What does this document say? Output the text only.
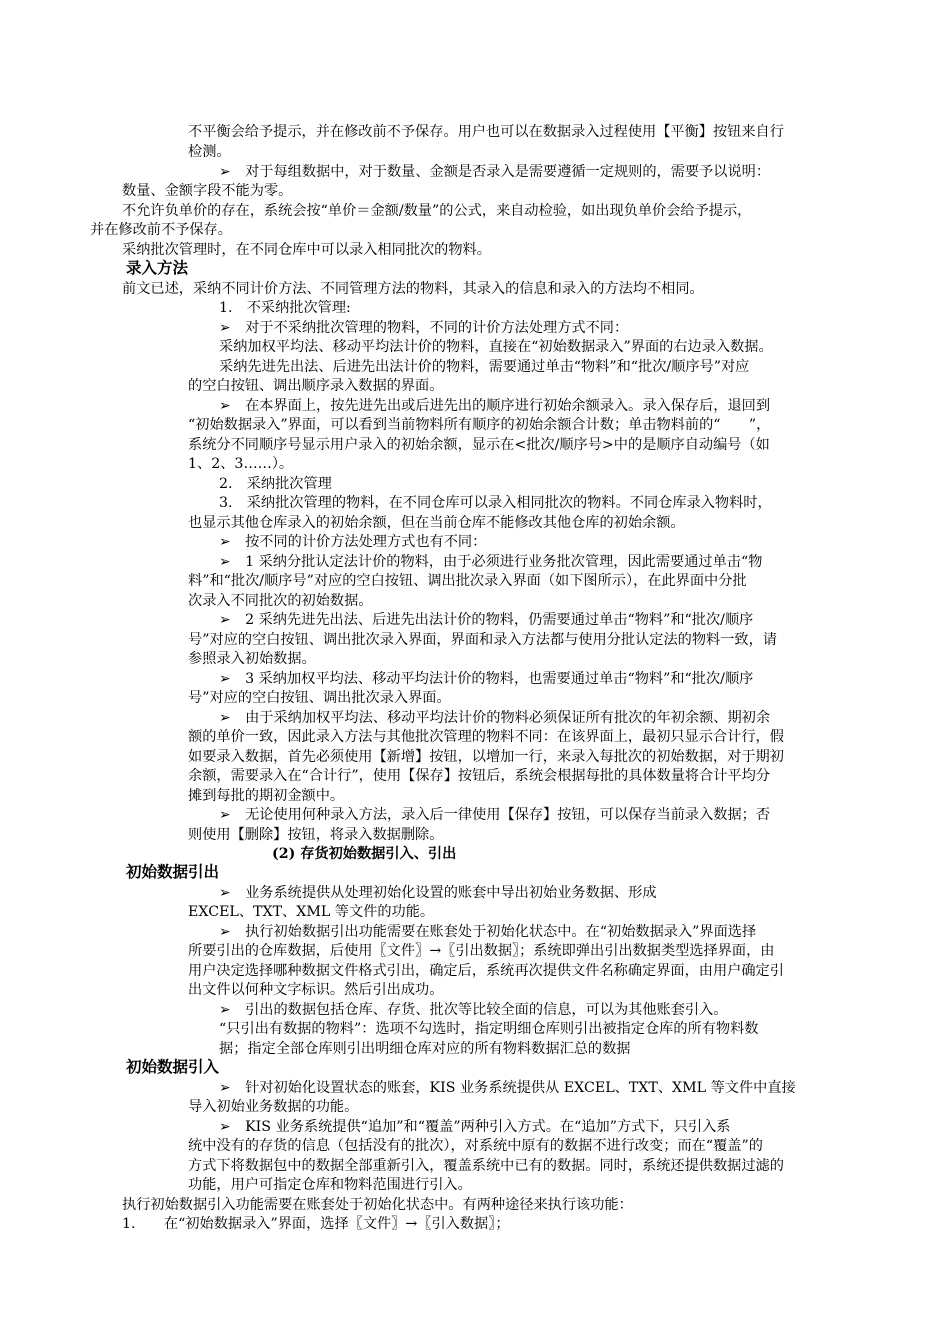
不平衡会给予提示，并在修改前不予保存。用户也可以在数据录入过程使用【平衡】按钮来自行
检测。
➢　对于每组数据中，对于数量、金额是否录入是需要遵循一定规则的，需要予以说明：
数量、金额字段不能为零。
不允许负单价的存在，系统会按“单价＝金额/数量”的公式，来自动检验，如出现负单价会给予提示，
并在修改前不予保存。
采纳批次管理时，在不同仓库中可以录入相同批次的物料。
录入方法
前文已述，采纳不同计价方法、不同管理方法的物料，其录入的信息和录入的方法均不相同。
1.　不采纳批次管理:
➢　对于不采纳批次管理的物料，不同的计价方法处理方式不同：
采纳加权平均法、移动平均法计价的物料，直接在“初始数据录入”界面的右边录入数据。
采纳先进先出法、后进先出法计价的物料，需要通过单击“物料”和“批次/顺序号”对应
的空白按钮、调出顺序录入数据的界面。
➢　在本界面上，按先进先出或后进先出的顺序进行初始余额录入。录入保存后，退回到
“初始数据录入”界面，可以看到当前物料所有顺序的初始余额合计数；单击物料前的“　　”，
系统分不同顺序号显示用户录入的初始余额，显示在<批次/顺序号>中的是顺序自动编号（如
1、2、3……）。
2.　采纳批次管理
3.　采纳批次管理的物料，在不同仓库可以录入相同批次的物料。不同仓库录入物料时，
也显示其他仓库录入的初始余额，但在当前仓库不能修改其他仓库的初始余额。
➢　按不同的计价方法处理方式也有不同：
➢　1 采纳分批认定法计价的物料，由于必须进行业务批次管理，因此需要通过单击“物
料”和“批次/顺序号”对应的空白按钮、调出批次录入界面（如下图所示），在此界面中分批
次录入不同批次的初始数据。
➢　2 采纳先进先出法、后进先出法计价的物料，仍需要通过单击“物料”和“批次/顺序
号”对应的空白按钮、调出批次录入界面，界面和录入方法都与使用分批认定法的物料一致，请
参照录入初始数据。
➢　3 采纳加权平均法、移动平均法计价的物料，也需要通过单击“物料”和“批次/顺序
号”对应的空白按钮、调出批次录入界面。
➢　由于采纳加权平均法、移动平均法计价的物料必须保证所有批次的年初余额、期初余
额的单价一致，因此录入方法与其他批次管理的物料不同：在该界面上，最初只显示合计行，假
如要录入数据，首先必须使用【新增】按钮，以增加一行，来录入每批次的初始数据，对于期初
余额，需要录入在“合计行”，使用【保存】按钮后，系统会根据每批的具体数量将合计平均分
摊到每批的期初金额中。
➢　无论使用何种录入方法，录入后一律使用【保存】按钮，可以保存当前录入数据；否
则使用【删除】按钮，将录入数据删除。
(2) 存货初始数据引入、引出
初始数据引出
➢　业务系统提供从处理初始化设置的账套中导出初始业务数据、形成
EXCEL、TXT、XML 等文件的功能。
➢　执行初始数据引出功能需要在账套处于初始化状态中。在“初始数据录入”界面选择
所要引出的仓库数据，后使用〖文件〗→〖引出数据〗；系统即弹出引出数据类型选择界面，由
用户决定选择哪种数据文件格式引出，确定后，系统再次提供文件名称确定界面，由用户确定引
出文件以何种文字标识。然后引出成功。
➢　引出的数据包括仓库、存货、批次等比较全面的信息，可以为其他账套引入。
“只引出有数据的物料”：选项不勾选时，指定明细仓库则引出被指定仓库的所有物料数
据；指定全部仓库则引出明细仓库对应的所有物料数据汇总的数据
初始数据引入
➢　针对初始化设置状态的账套，KIS 业务系统提供从 EXCEL、TXT、XML 等文件中直接
导入初始业务数据的功能。
➢　KIS 业务系统提供“追加”和“覆盖”两种引入方式。在“追加”方式下，只引入系
统中没有的存货的信息（包括没有的批次），对系统中原有的数据不进行改变；而在“覆盖”的
方式下将数据包中的数据全部重新引入，覆盖系统中已有的数据。同时，系统还提供数据过滤的
功能，用户可指定仓库和物料范围进行引入。
执行初始数据引入功能需要在账套处于初始化状态中。有两种途径来执行该功能：
1.　　在“初始数据录入”界面，选择〖文件〗→〖引入数据〗；
